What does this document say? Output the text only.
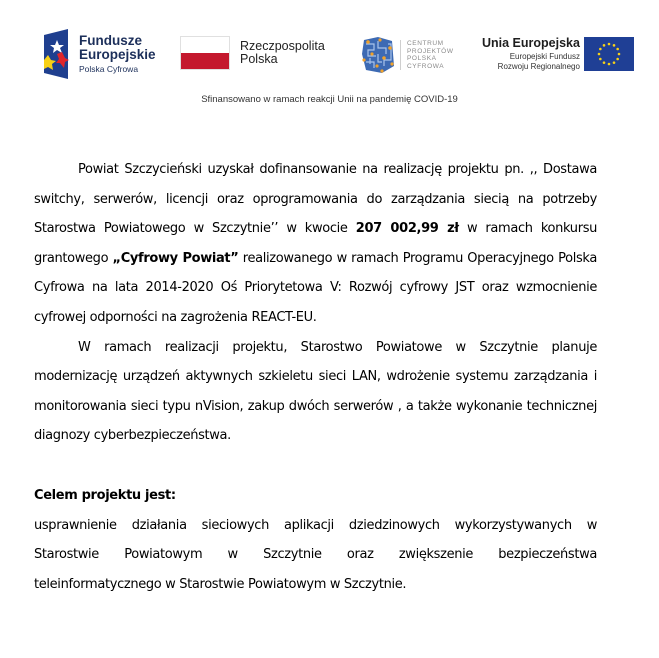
Fundusze
Europejskie
Polska Cyfrowa
Rzeczpospolita
Polska
CENTRUM
PROJEKTÓW
POLSKA
CYFROWA
Unia Europejska
Europejski Fundusz
Rozwoju Regionalnego
Sfinansowano w ramach reakcji Unii na pandemię COVID-19

Powiat Szczycieński uzyskał dofinansowanie na realizację projektu pn. ,, Dostawa switchy, serwerów, licencji oraz oprogramowania do zarządzania siecią na potrzeby Starostwa Powiatowego w Szczytnie’’ w kwocie 207 002,99 zł w ramach konkursu grantowego „Cyfrowy Powiat” realizowanego w ramach Programu Operacyjnego Polska Cyfrowa na lata 2014-2020 Oś Priorytetowa V: Rozwój cyfrowy JST oraz wzmocnienie cyfrowej odporności na zagrożenia REACT-EU.

W ramach realizacji projektu, Starostwo Powiatowe w Szczytnie planuje modernizację urządzeń aktywnych szkieletu sieci LAN, wdrożenie systemu zarządzania i monitorowania sieci typu nVision, zakup dwóch serwerów , a także wykonanie technicznej diagnozy cyberbezpieczeństwa.

Celem projektu jest:

usprawnienie działania sieciowych aplikacji dziedzinowych wykorzystywanych w Starostwie Powiatowym w Szczytnie oraz zwiększenie bezpieczeństwa teleinformatycznego w Starostwie Powiatowym w Szczytnie.
